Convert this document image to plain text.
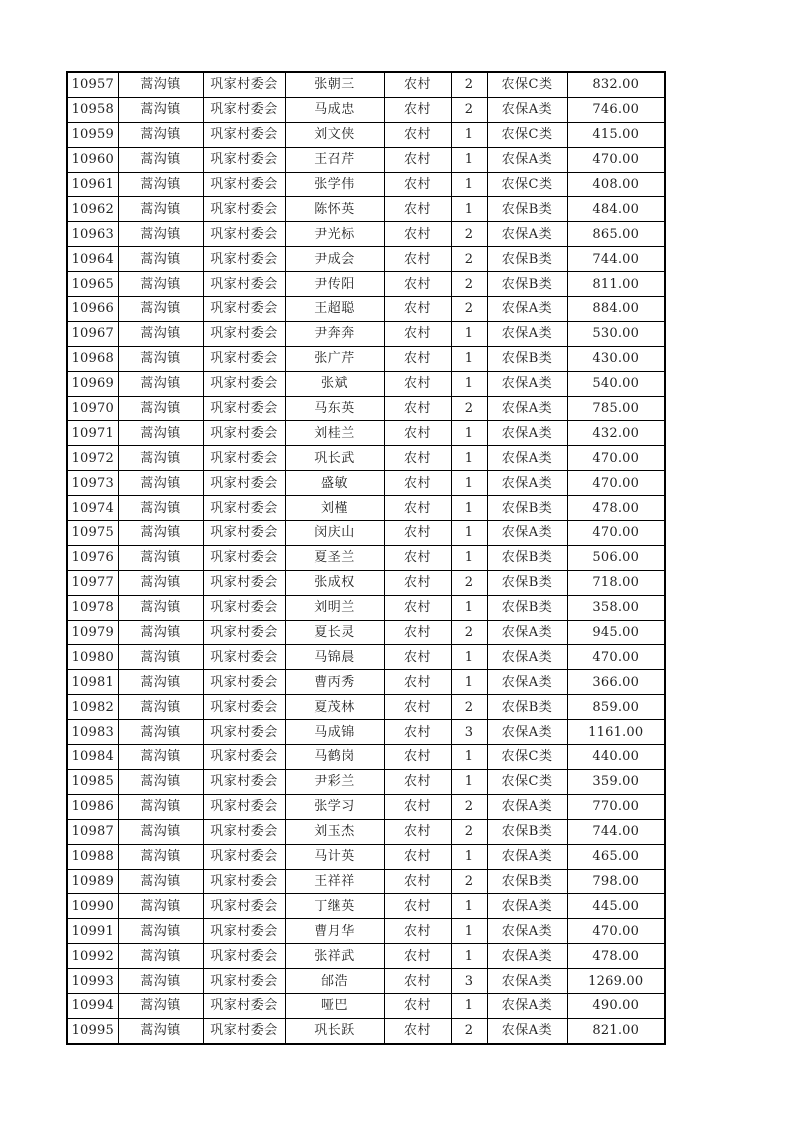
10957	蒿沟镇	巩家村委会	张朝三	农村	2	农保C类	832.00
10958	蒿沟镇	巩家村委会	马成忠	农村	2	农保A类	746.00
10959	蒿沟镇	巩家村委会	刘文侠	农村	1	农保C类	415.00
10960	蒿沟镇	巩家村委会	王召芹	农村	1	农保A类	470.00
10961	蒿沟镇	巩家村委会	张学伟	农村	1	农保C类	408.00
10962	蒿沟镇	巩家村委会	陈怀英	农村	1	农保B类	484.00
10963	蒿沟镇	巩家村委会	尹光标	农村	2	农保A类	865.00
10964	蒿沟镇	巩家村委会	尹成会	农村	2	农保B类	744.00
10965	蒿沟镇	巩家村委会	尹传阳	农村	2	农保B类	811.00
10966	蒿沟镇	巩家村委会	王超聪	农村	2	农保A类	884.00
10967	蒿沟镇	巩家村委会	尹奔奔	农村	1	农保A类	530.00
10968	蒿沟镇	巩家村委会	张广芹	农村	1	农保B类	430.00
10969	蒿沟镇	巩家村委会	张斌	农村	1	农保A类	540.00
10970	蒿沟镇	巩家村委会	马东英	农村	2	农保A类	785.00
10971	蒿沟镇	巩家村委会	刘桂兰	农村	1	农保A类	432.00
10972	蒿沟镇	巩家村委会	巩长武	农村	1	农保A类	470.00
10973	蒿沟镇	巩家村委会	盛敏	农村	1	农保A类	470.00
10974	蒿沟镇	巩家村委会	刘槿	农村	1	农保B类	478.00
10975	蒿沟镇	巩家村委会	闵庆山	农村	1	农保A类	470.00
10976	蒿沟镇	巩家村委会	夏圣兰	农村	1	农保B类	506.00
10977	蒿沟镇	巩家村委会	张成权	农村	2	农保B类	718.00
10978	蒿沟镇	巩家村委会	刘明兰	农村	1	农保B类	358.00
10979	蒿沟镇	巩家村委会	夏长灵	农村	2	农保A类	945.00
10980	蒿沟镇	巩家村委会	马锦晨	农村	1	农保A类	470.00
10981	蒿沟镇	巩家村委会	曹丙秀	农村	1	农保A类	366.00
10982	蒿沟镇	巩家村委会	夏茂林	农村	2	农保B类	859.00
10983	蒿沟镇	巩家村委会	马成锦	农村	3	农保A类	1161.00
10984	蒿沟镇	巩家村委会	马鹤岗	农村	1	农保C类	440.00
10985	蒿沟镇	巩家村委会	尹彩兰	农村	1	农保C类	359.00
10986	蒿沟镇	巩家村委会	张学习	农村	2	农保A类	770.00
10987	蒿沟镇	巩家村委会	刘玉杰	农村	2	农保B类	744.00
10988	蒿沟镇	巩家村委会	马计英	农村	1	农保A类	465.00
10989	蒿沟镇	巩家村委会	王祥祥	农村	2	农保B类	798.00
10990	蒿沟镇	巩家村委会	丁继英	农村	1	农保A类	445.00
10991	蒿沟镇	巩家村委会	曹月华	农村	1	农保A类	470.00
10992	蒿沟镇	巩家村委会	张祥武	农村	1	农保A类	478.00
10993	蒿沟镇	巩家村委会	邰浩	农村	3	农保A类	1269.00
10994	蒿沟镇	巩家村委会	哑巴	农村	1	农保A类	490.00
10995	蒿沟镇	巩家村委会	巩长跃	农村	2	农保A类	821.00
